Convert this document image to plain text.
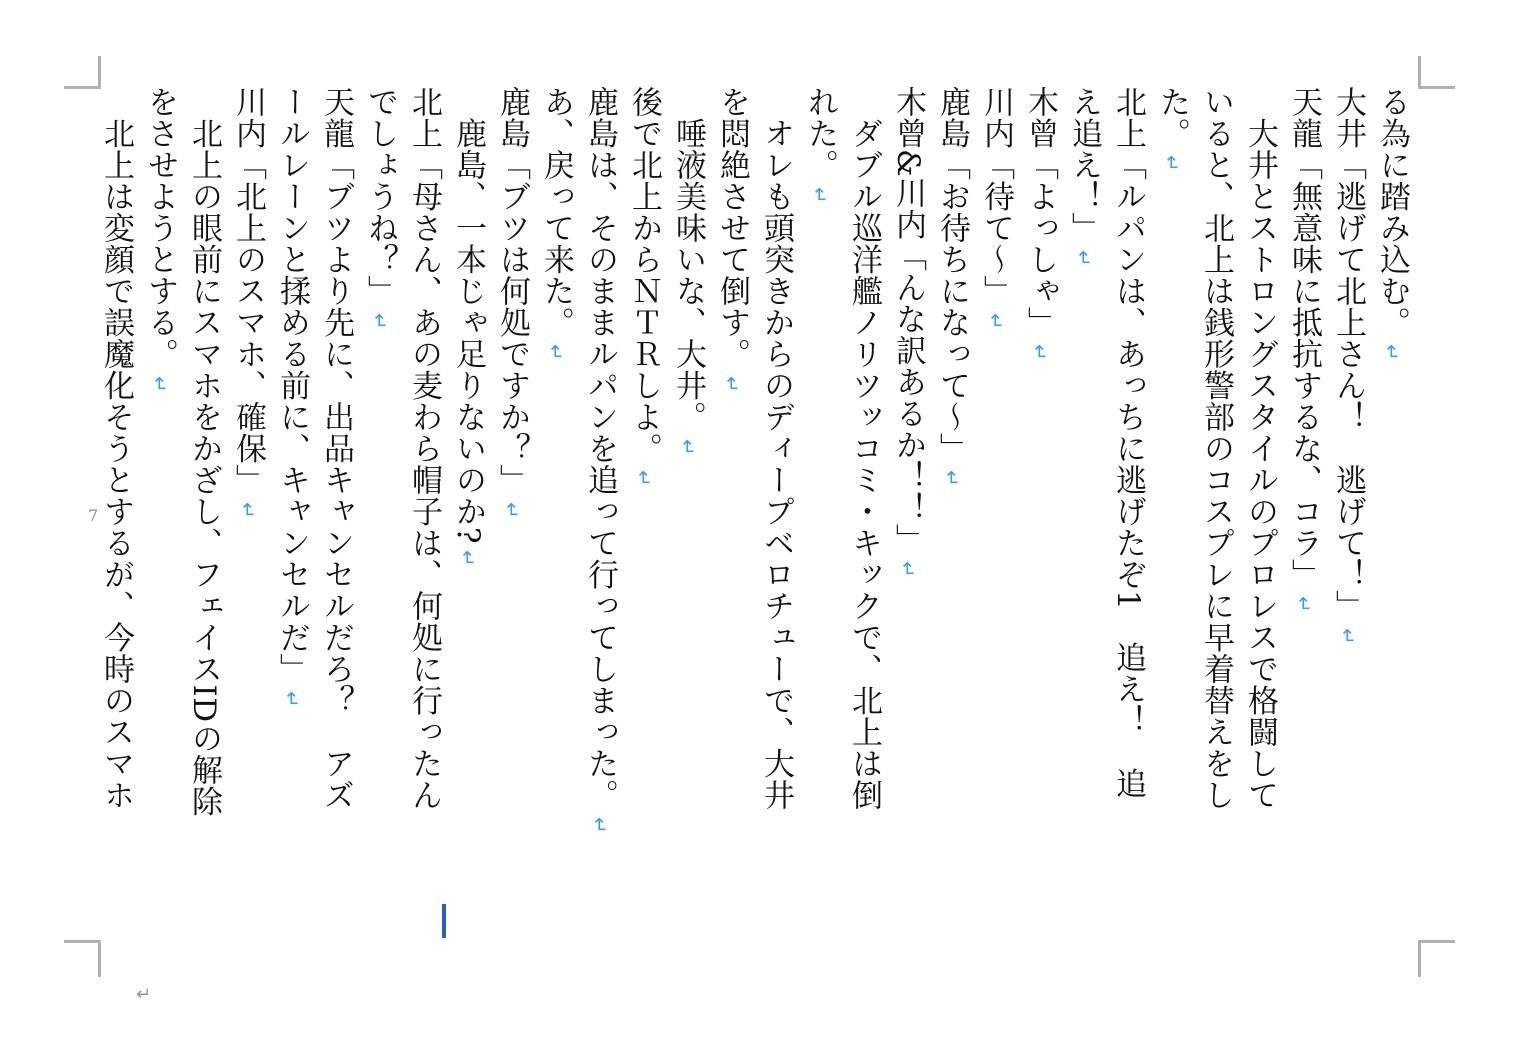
る為に踏み込む。↵
大井「逃げて北上さん！　逃げて！」↵
天龍「無意味に抵抗するな、コラ」↵
　大井とストロングスタイルのプロレスで格闘して
いると、北上は銭形警部のコスプレに早着替えをし
た。↵
北上「ルパンは、あっちに逃げたぞ1　追え！　追
え追え！」↵
木曾「よっしゃ」↵
川内「待て〜」↵
鹿島「お待ちになって〜」↵
木曾&川内「んな訳あるか！！」↵
　ダブル巡洋艦ノリツッコミ・キックで、北上は倒
れた。↵
　オレも頭突きからのディープベロチューで、大井
を悶絶させて倒す。↵
　唾液美味いな、大井。↵
後で北上からＮＴＲしよ。↵
鹿島は、そのままルパンを追って行ってしまった。↵
あ、戻って来た。↵
鹿島「ブツは何処ですか？」↵
　鹿島、一本じゃ足りないのか?↵
北上「母さん、あの麦わら帽子は、何処に行ったん
でしょうね？」↵
天龍「ブツより先に、出品キャンセルだろ？　アズ
ールレーンと揉める前に、キャンセルだ」↵
川内「北上のスマホ、確保」↵
　北上の眼前にスマホをかざし、フェイスIDの解除
をさせようとする。↵
　北上は変顔で誤魔化そうとするが、今時のスマホ
7
↵
